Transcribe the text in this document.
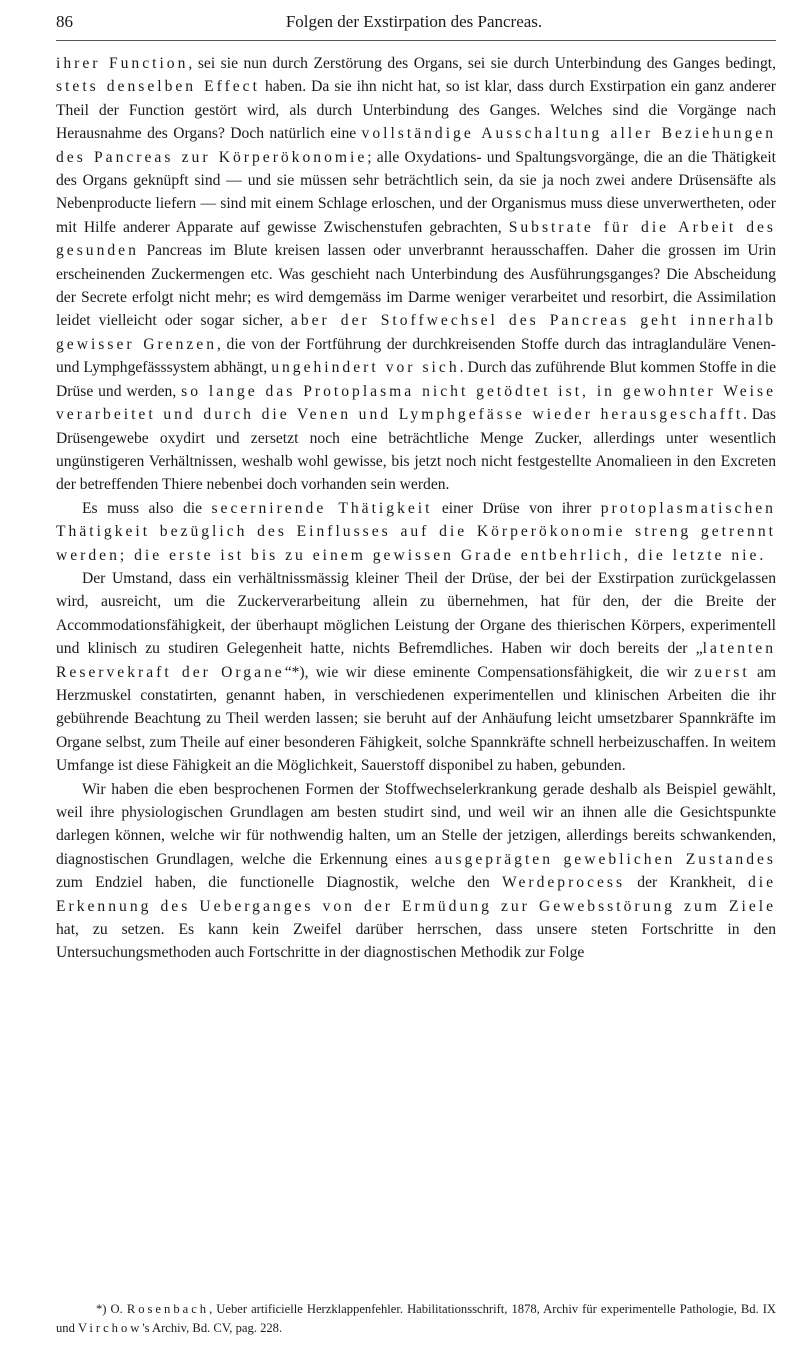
86	Folgen der Exstirpation des Pancreas.

ihrer Function, sei sie nun durch Zerstörung des Organs, sei sie durch Unterbindung des Ganges bedingt, stets denselben Effect haben. Da sie ihn nicht hat, so ist klar, dass durch Exstirpation ein ganz anderer Theil der Function gestört wird, als durch Unterbindung des Ganges. Welches sind die Vorgänge nach Herausnahme des Organs? Doch natürlich eine vollständige Ausschaltung aller Beziehungen des Pancreas zur Körperökonomie; alle Oxydations- und Spaltungsvorgänge, die an die Thätigkeit des Organs geknüpft sind — und sie müssen sehr beträchtlich sein, da sie ja noch zwei andere Drüsensäfte als Nebenproducte liefern — sind mit einem Schlage erloschen, und der Organismus muss diese unverwertheten, oder mit Hilfe anderer Apparate auf gewisse Zwischenstufen gebrachten, Substrate für die Arbeit des gesunden Pancreas im Blute kreisen lassen oder unverbrannt herausschaffen. Daher die grossen im Urin erscheinenden Zuckermengen etc. Was geschieht nach Unterbindung des Ausführungsganges? Die Abscheidung der Secrete erfolgt nicht mehr; es wird demgemäss im Darme weniger verarbeitet und resorbirt, die Assimilation leidet vielleicht oder sogar sicher, aber der Stoffwechsel des Pancreas geht innerhalb gewisser Grenzen, die von der Fortführung der durchkreisenden Stoffe durch das intraglanduläre Venen- und Lymphgefässsystem abhängt, ungehindert vor sich. Durch das zuführende Blut kommen Stoffe in die Drüse und werden, so lange das Protoplasma nicht getödtet ist, in gewohnter Weise verarbeitet und durch die Venen und Lymphgefässe wieder herausgeschafft. Das Drüsengewebe oxydirt und zersetzt noch eine beträchtliche Menge Zucker, allerdings unter wesentlich ungünstigeren Verhältnissen, weshalb wohl gewisse, bis jetzt noch nicht festgestellte Anomalieen in den Excreten der betreffenden Thiere nebenbei doch vorhanden sein werden.

Es muss also die secernirende Thätigkeit einer Drüse von ihrer protoplasmatischen Thätigkeit bezüglich des Einflusses auf die Körperökonomie streng getrennt werden; die erste ist bis zu einem gewissen Grade entbehrlich, die letzte nie.

Der Umstand, dass ein verhältnissmässig kleiner Theil der Drüse, der bei der Exstirpation zurückgelassen wird, ausreicht, um die Zuckerverarbeitung allein zu übernehmen, hat für den, der die Breite der Accommodationsfähigkeit, der überhaupt möglichen Leistung der Organe des thierischen Körpers, experimentell und klinisch zu studiren Gelegenheit hatte, nichts Befremdliches. Haben wir doch bereits der „latenten Reservekraft der Organe“*), wie wir diese eminente Compensationsfähigkeit, die wir zuerst am Herzmuskel constatirten, genannt haben, in verschiedenen experimentellen und klinischen Arbeiten die ihr gebührende Beachtung zu Theil werden lassen; sie beruht auf der Anhäufung leicht umsetzbarer Spannkräfte im Organe selbst, zum Theile auf einer besonderen Fähigkeit, solche Spannkräfte schnell herbeizuschaffen. In weitem Umfange ist diese Fähigkeit an die Möglichkeit, Sauerstoff disponibel zu haben, gebunden.

Wir haben die eben besprochenen Formen der Stoffwechselerkrankung gerade deshalb als Beispiel gewählt, weil ihre physiologischen Grundlagen am besten studirt sind, und weil wir an ihnen alle die Gesichtspunkte darlegen können, welche wir für nothwendig halten, um an Stelle der jetzigen, allerdings bereits schwankenden, diagnostischen Grundlagen, welche die Erkennung eines ausgeprägten geweblichen Zustandes zum Endziel haben, die functionelle Diagnostik, welche den Werdeprocess der Krankheit, die Erkennung des Ueberganges von der Ermüdung zur Gewebsstörung zum Ziele hat, zu setzen. Es kann kein Zweifel darüber herrschen, dass unsere steten Fortschritte in den Untersuchungsmethoden auch Fortschritte in der diagnostischen Methodik zur Folge

*) O. Rosenbach, Ueber artificielle Herzklappenfehler. Habilitationsschrift, 1878, Archiv für experimentelle Pathologie, Bd. IX und Virchow's Archiv, Bd. CV, pag. 228.
